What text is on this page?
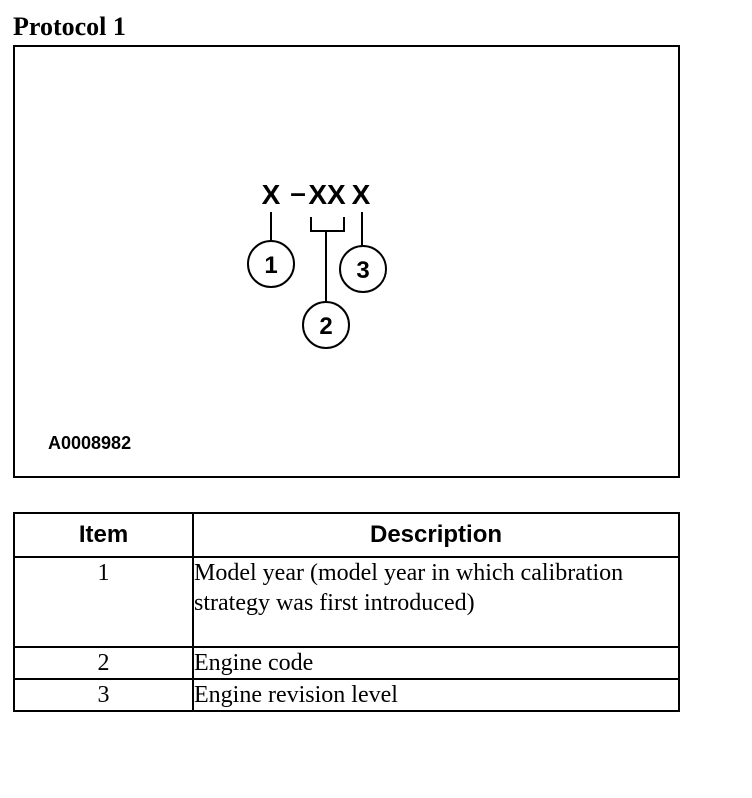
Protocol 1
X – XX X
1
2
3
A0008982
Item	Description
1	Model year (model year in which calibration strategy was first introduced)
2	Engine code
3	Engine revision level
